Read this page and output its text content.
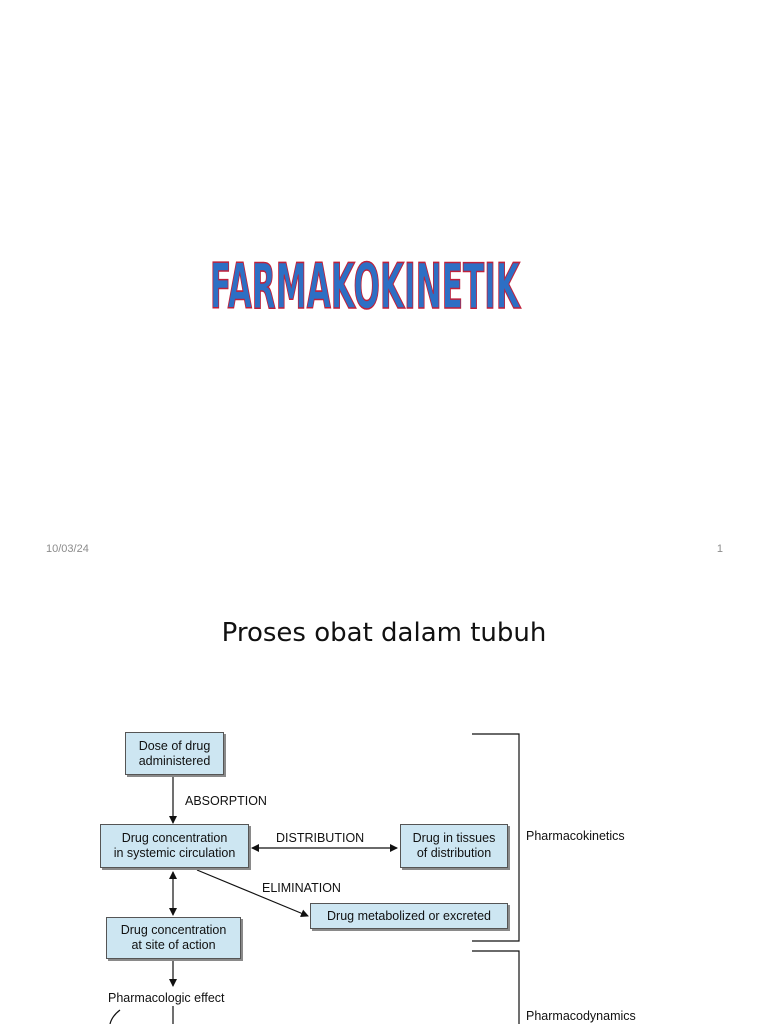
FARMAKOKINETIK
10/03/24	1
Proses obat dalam tubuh
Dose of drug
administered
Drug concentration
in systemic circulation
Drug in tissues
of distribution
Drug metabolized or excreted
Drug concentration
at site of action
ABSORPTION
DISTRIBUTION
ELIMINATION
Pharmacologic effect
Pharmacokinetics
Pharmacodynamics
